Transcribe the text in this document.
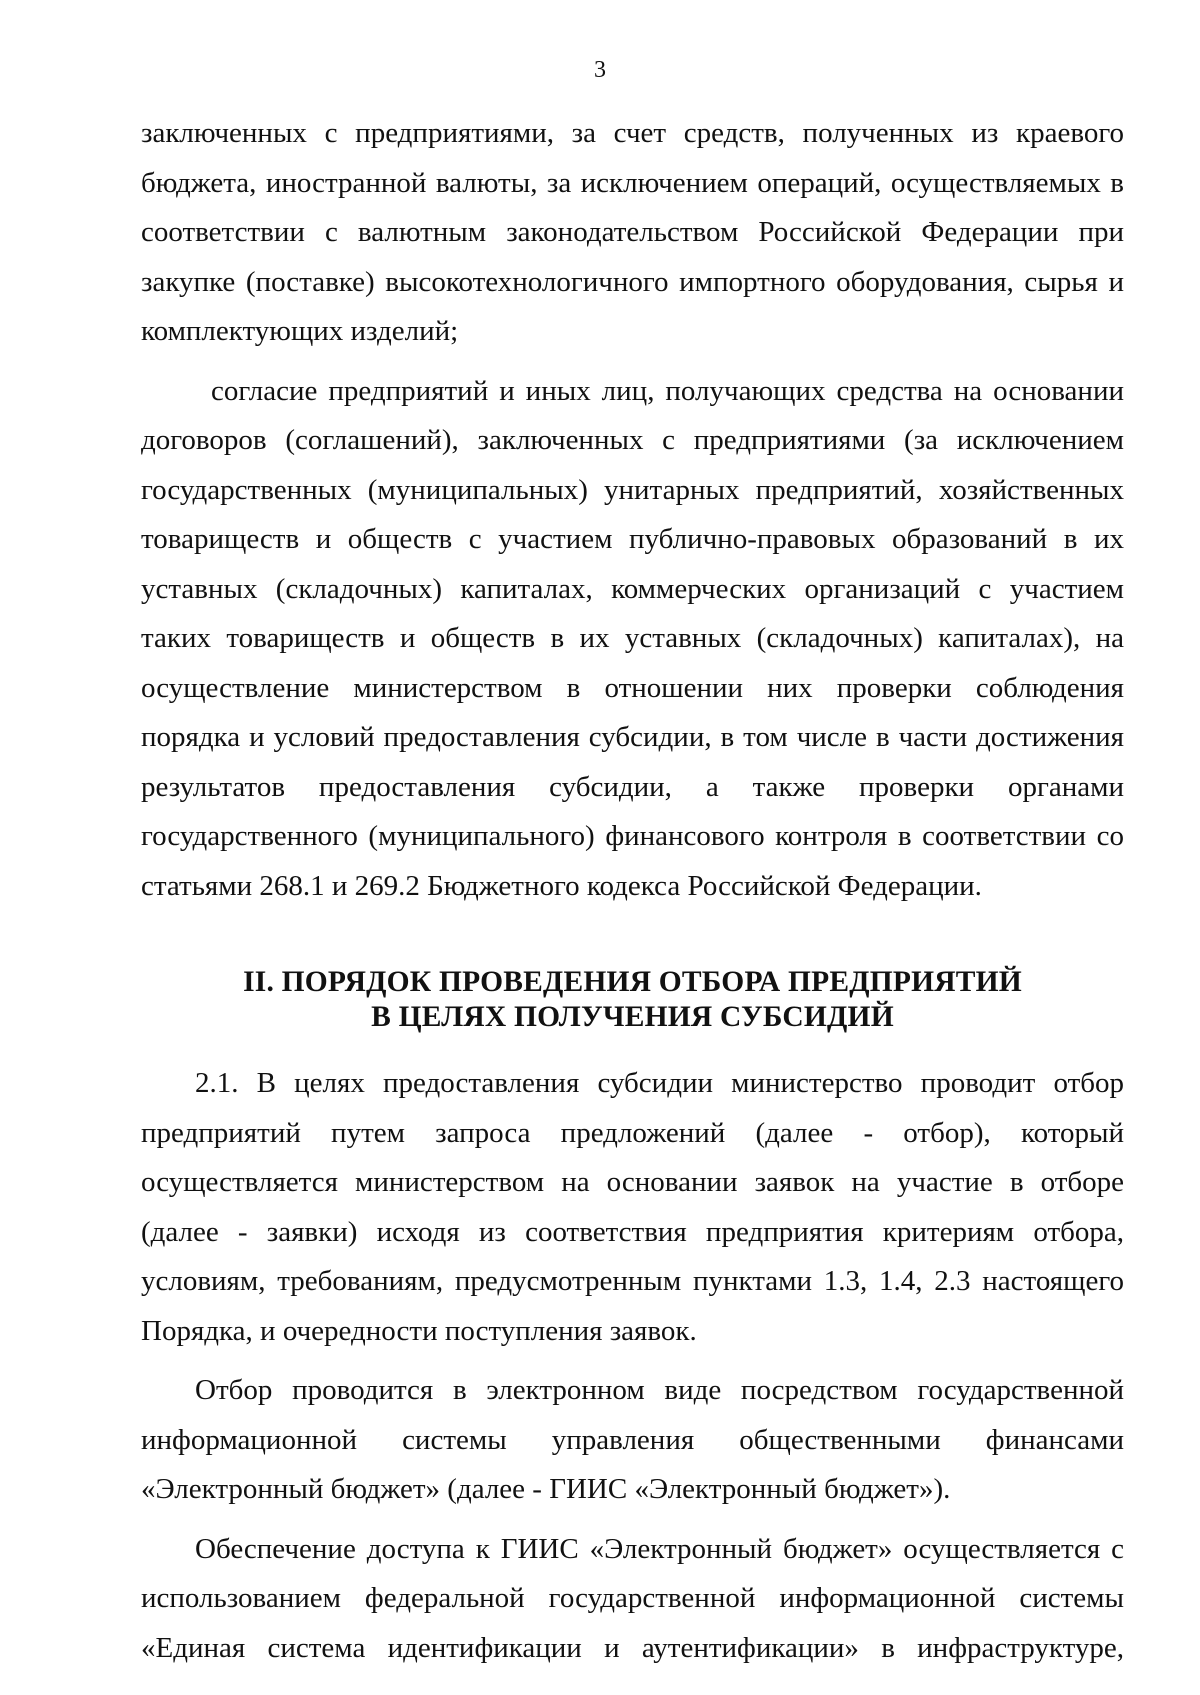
3

заключенных с предприятиями, за счет средств, полученных из краевого бюджета, иностранной валюты, за исключением операций, осуществляемых в соответствии с валютным законодательством Российской Федерации при закупке (поставке) высокотехнологичного импортного оборудования, сырья и комплектующих изделий;

согласие предприятий и иных лиц, получающих средства на основании договоров (соглашений), заключенных с предприятиями (за исключением государственных (муниципальных) унитарных предприятий, хозяйственных товариществ и обществ с участием публично-правовых образований в их уставных (складочных) капиталах, коммерческих организаций с участием таких товариществ и обществ в их уставных (складочных) капиталах), на осуществление министерством в отношении них проверки соблюдения порядка и условий предоставления субсидии, в том числе в части достижения результатов предоставления субсидии, а также проверки органами государственного (муниципального) финансового контроля в соответствии со статьями 268.1 и 269.2 Бюджетного кодекса Российской Федерации.

II. ПОРЯДОК ПРОВЕДЕНИЯ ОТБОРА ПРЕДПРИЯТИЙ
В ЦЕЛЯХ ПОЛУЧЕНИЯ СУБСИДИЙ

2.1. В целях предоставления субсидии министерство проводит отбор предприятий путем запроса предложений (далее - отбор), который осуществляется министерством на основании заявок на участие в отборе (далее - заявки) исходя из соответствия предприятия критериям отбора, условиям, требованиям, предусмотренным пунктами 1.3, 1.4, 2.3 настоящего Порядка, и очередности поступления заявок.

Отбор проводится в электронном виде посредством государственной информационной системы управления общественными финансами «Электронный бюджет» (далее - ГИИС «Электронный бюджет»).

Обеспечение доступа к ГИИС «Электронный бюджет» осуществляется с использованием федеральной государственной информационной системы «Единая система идентификации и аутентификации» в инфраструктуре,
